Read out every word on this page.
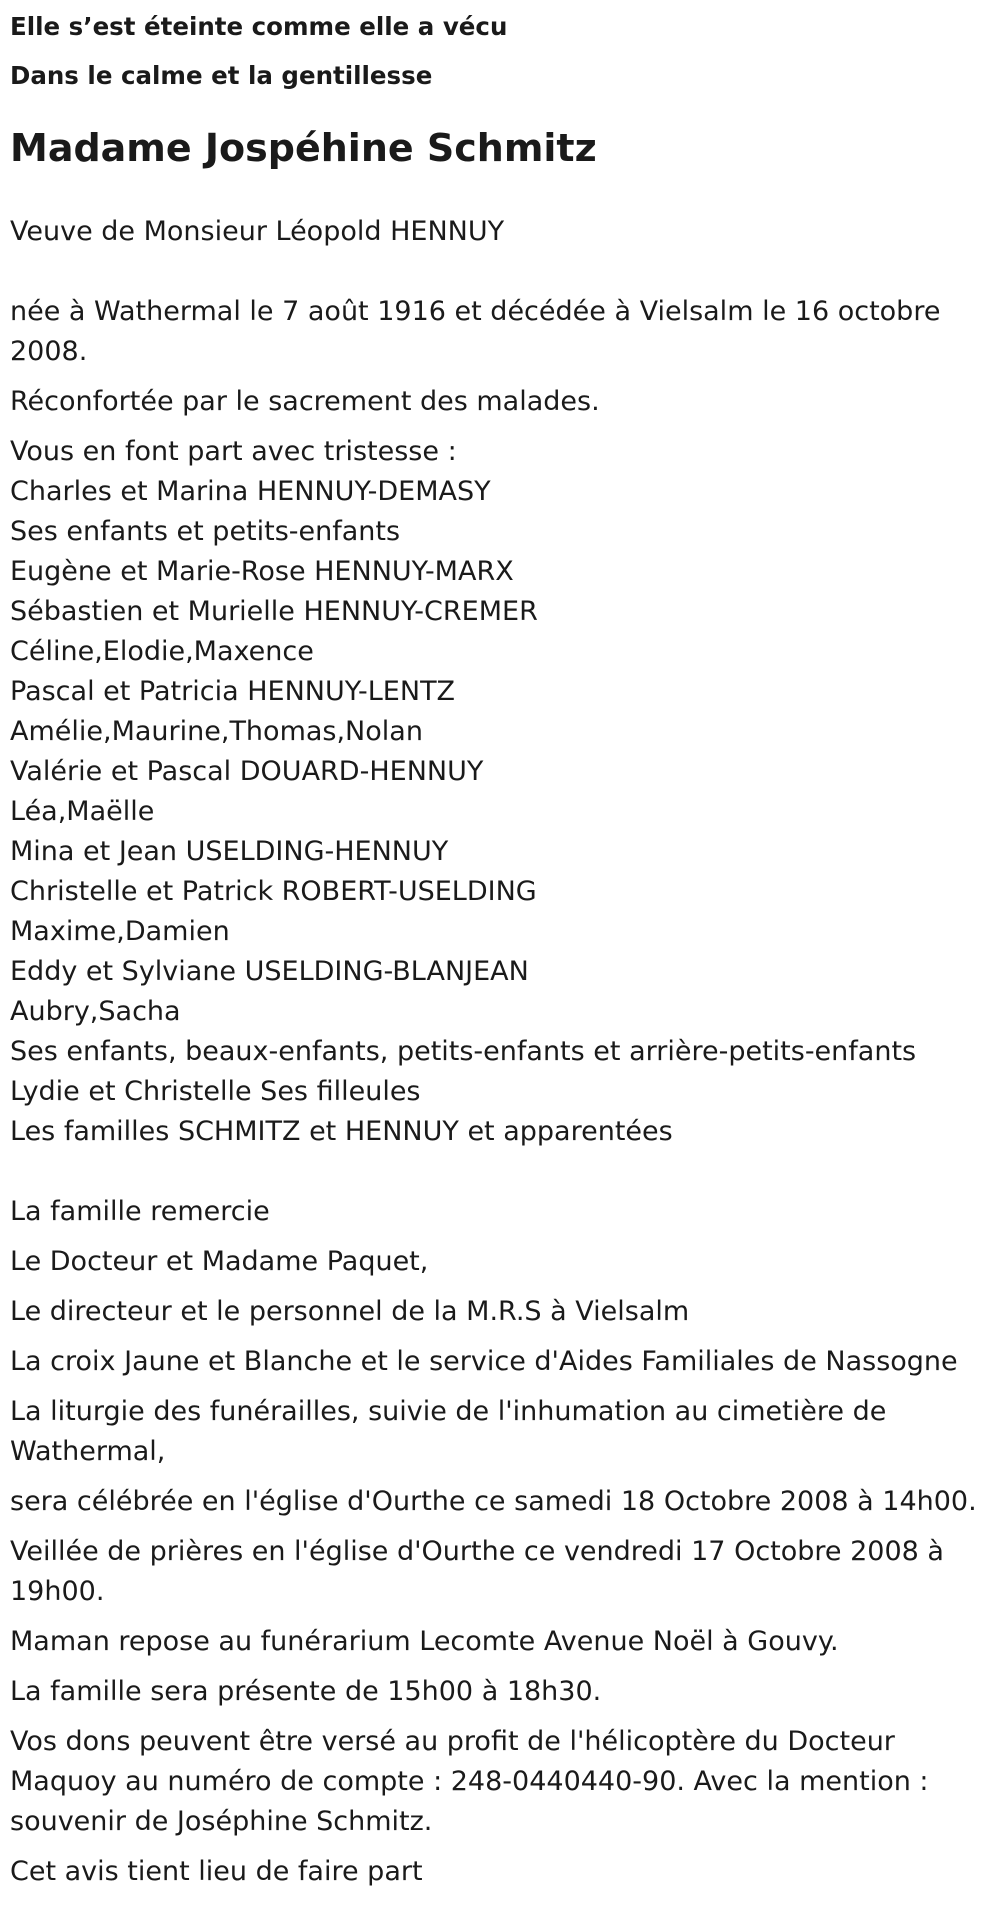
Elle s’est éteinte comme elle a vécu

Dans le calme et la gentillesse

Madame Jospéhine Schmitz

Veuve de Monsieur Léopold HENNUY

née à Wathermal le 7 août 1916 et décédée à Vielsalm le 16 octobre 2008.

Réconfortée par le sacrement des malades.

Vous en font part avec tristesse :

Charles et Marina HENNUY-DEMASY
Ses enfants et petits-enfants
Eugène et Marie-Rose HENNUY-MARX
Sébastien et Murielle HENNUY-CREMER
Céline,Elodie,Maxence
Pascal et Patricia HENNUY-LENTZ
Amélie,Maurine,Thomas,Nolan
Valérie et Pascal DOUARD-HENNUY
Léa,Maëlle
Mina et Jean USELDING-HENNUY
Christelle et Patrick ROBERT-USELDING
Maxime,Damien
Eddy et Sylviane USELDING-BLANJEAN
Aubry,Sacha
Ses enfants, beaux-enfants, petits-enfants et arrière-petits-enfants
Lydie et Christelle Ses filleules
Les familles SCHMITZ et HENNUY et apparentées

La famille remercie

Le Docteur et Madame Paquet,

Le directeur et le personnel de la M.R.S à Vielsalm

La croix Jaune et Blanche et le service d'Aides Familiales de Nassogne

La liturgie des funérailles, suivie de l'inhumation au cimetière de Wathermal,

sera célébrée en l'église d'Ourthe ce samedi 18 Octobre 2008 à 14h00.

Veillée de prières en l'église d'Ourthe ce vendredi 17 Octobre 2008 à 19h00.

Maman repose au funérarium Lecomte Avenue Noël à Gouvy.

La famille sera présente de 15h00 à 18h30.

Vos dons peuvent être versé au profit de l'hélicoptère du Docteur Maquoy au numéro de compte : 248-0440440-90. Avec la mention : souvenir de Joséphine Schmitz.

Cet avis tient lieu de faire part
